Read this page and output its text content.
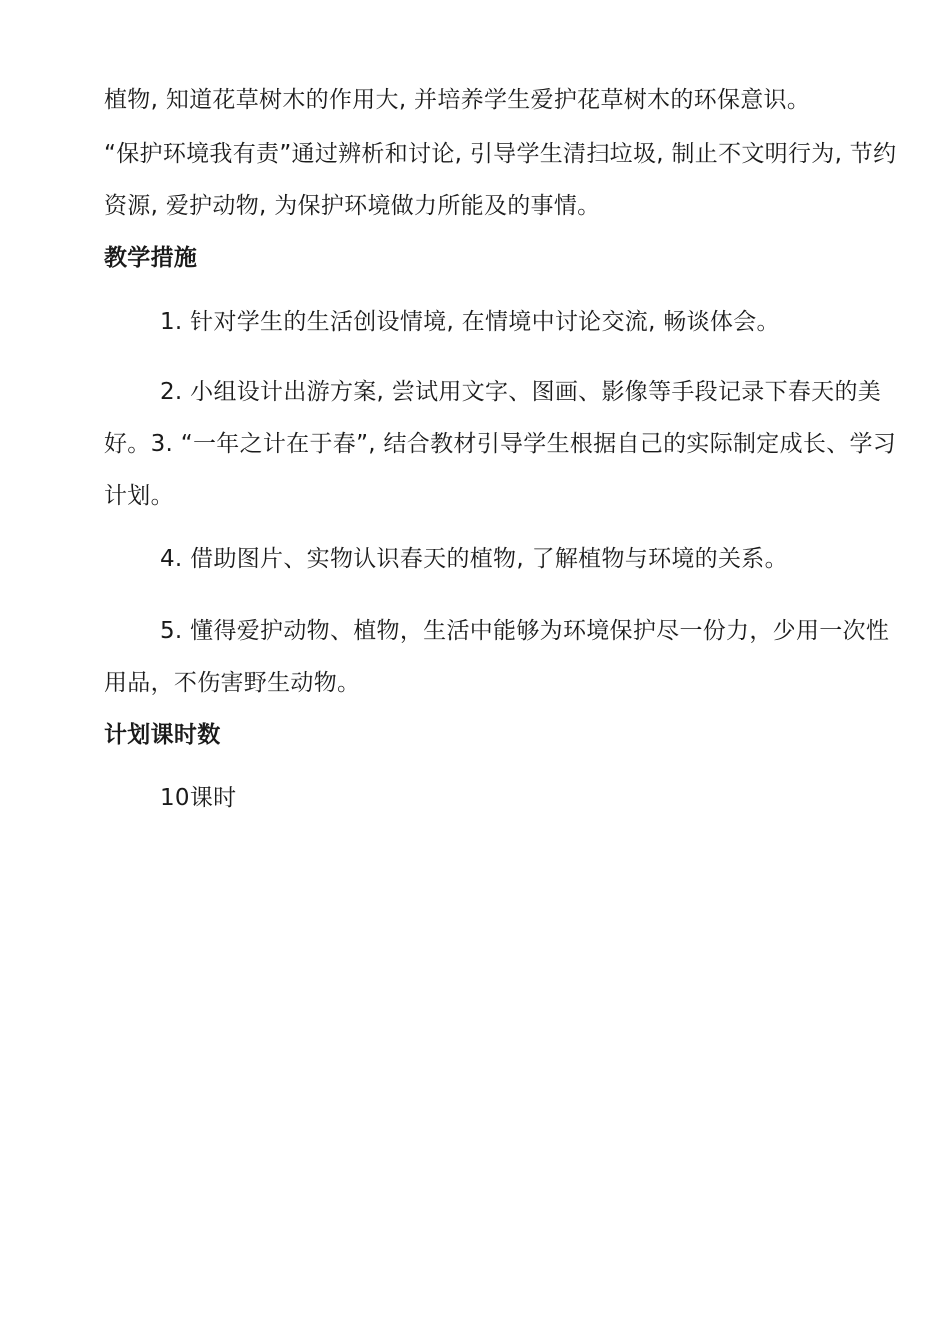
植物, 知道花草树木的作用大, 并培养学生爱护花草树木的环保意识。

“保护环境我有责”通过辨析和讨论, 引导学生清扫垃圾, 制止不文明行为, 节约资源, 爱护动物, 为保护环境做力所能及的事情。

教学措施

1. 针对学生的生活创设情境, 在情境中讨论交流, 畅谈体会。

2. 小组设计出游方案, 尝试用文字、图画、影像等手段记录下春天的美好。3. “一年之计在于春”, 结合教材引导学生根据自己的实际制定成长、学习计划。

4. 借助图片、实物认识春天的植物, 了解植物与环境的关系。

5. 懂得爱护动物、植物，生活中能够为环境保护尽一份力，少用一次性用品，不伤害野生动物。

计划课时数

10课时
